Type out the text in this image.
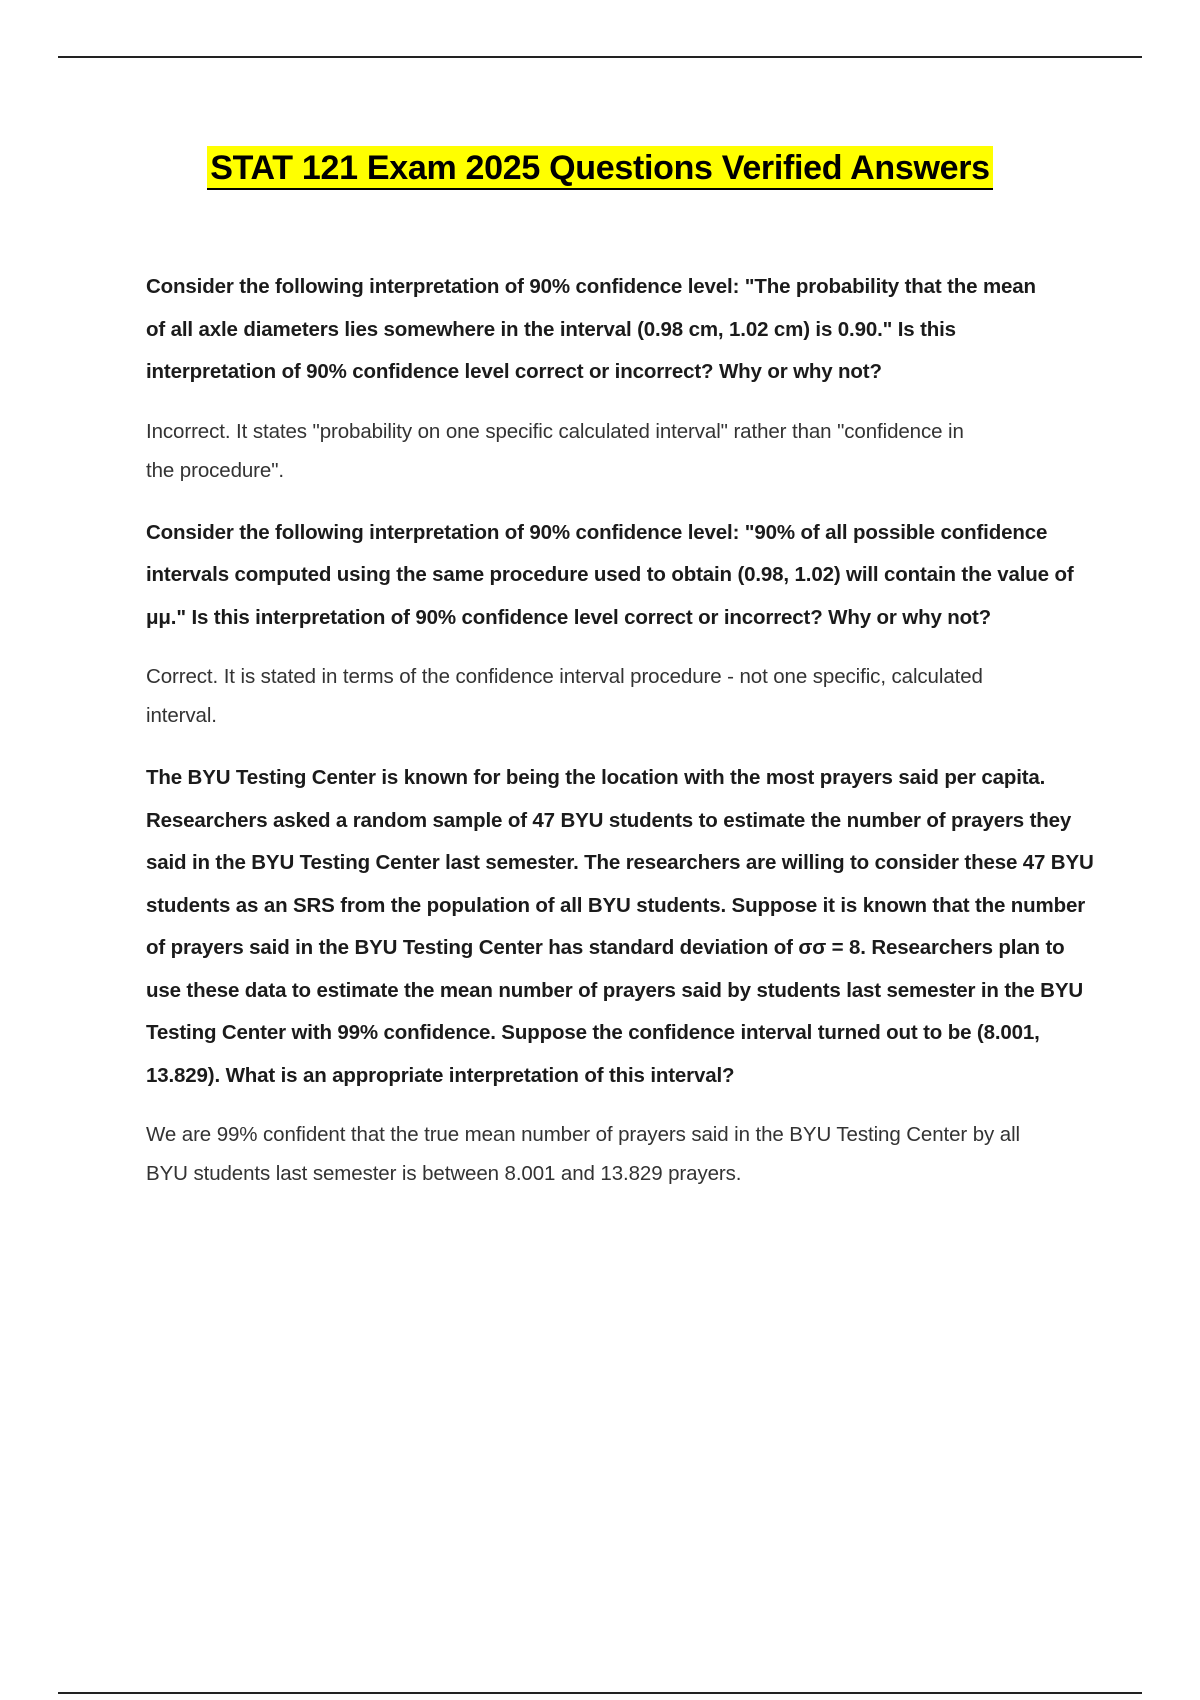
STAT 121 Exam 2025 Questions Verified Answers

Consider the following interpretation of 90% confidence level: "The probability that the mean of all axle diameters lies somewhere in the interval (0.98 cm, 1.02 cm) is 0.90." Is this interpretation of 90% confidence level correct or incorrect? Why or why not?

Incorrect. It states "probability on one specific calculated interval" rather than "confidence in the procedure".

Consider the following interpretation of 90% confidence level: "90% of all possible confidence intervals computed using the same procedure used to obtain (0.98, 1.02) will contain the value of μμ." Is this interpretation of 90% confidence level correct or incorrect? Why or why not?

Correct. It is stated in terms of the confidence interval procedure - not one specific, calculated interval.

The BYU Testing Center is known for being the location with the most prayers said per capita. Researchers asked a random sample of 47 BYU students to estimate the number of prayers they said in the BYU Testing Center last semester. The researchers are willing to consider these 47 BYU students as an SRS from the population of all BYU students. Suppose it is known that the number of prayers said in the BYU Testing Center has standard deviation of σσ = 8. Researchers plan to use these data to estimate the mean number of prayers said by students last semester in the BYU Testing Center with 99% confidence. Suppose the confidence interval turned out to be (8.001, 13.829). What is an appropriate interpretation of this interval?

We are 99% confident that the true mean number of prayers said in the BYU Testing Center by all BYU students last semester is between 8.001 and 13.829 prayers.
